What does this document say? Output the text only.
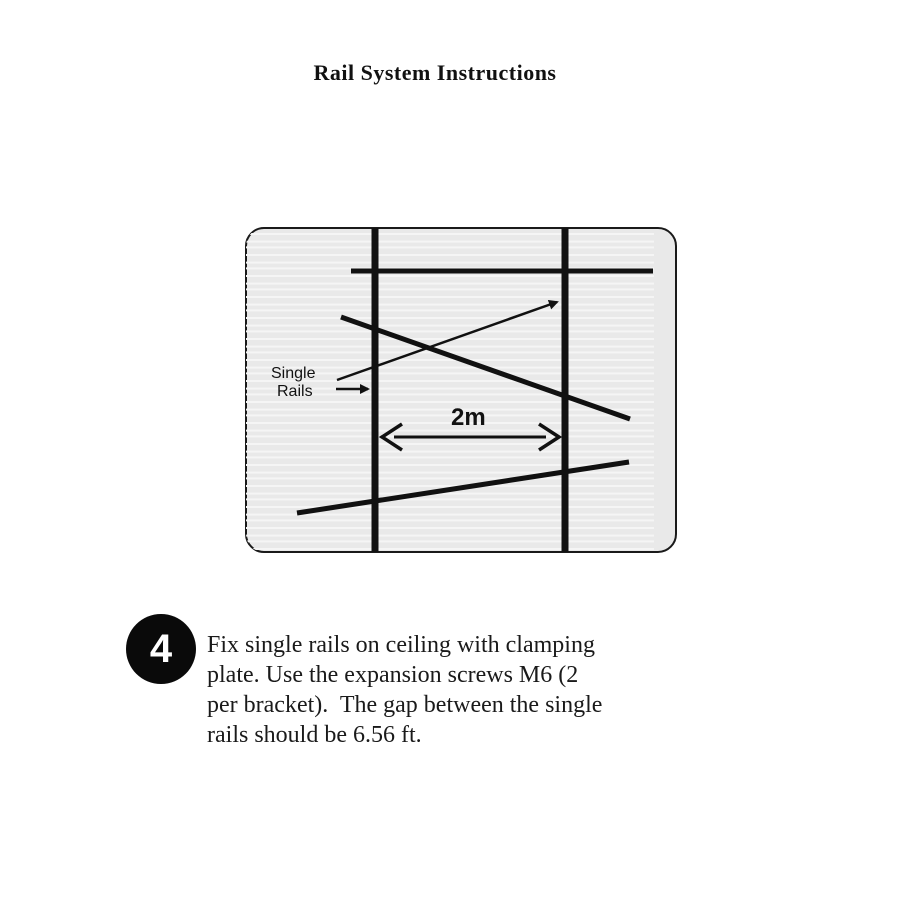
Rail System Instructions
Single
Rails
2m
4	Fix single rails on ceiling with clamping
plate. Use the expansion screws M6 (2
per bracket).  The gap between the single
rails should be 6.56 ft.
